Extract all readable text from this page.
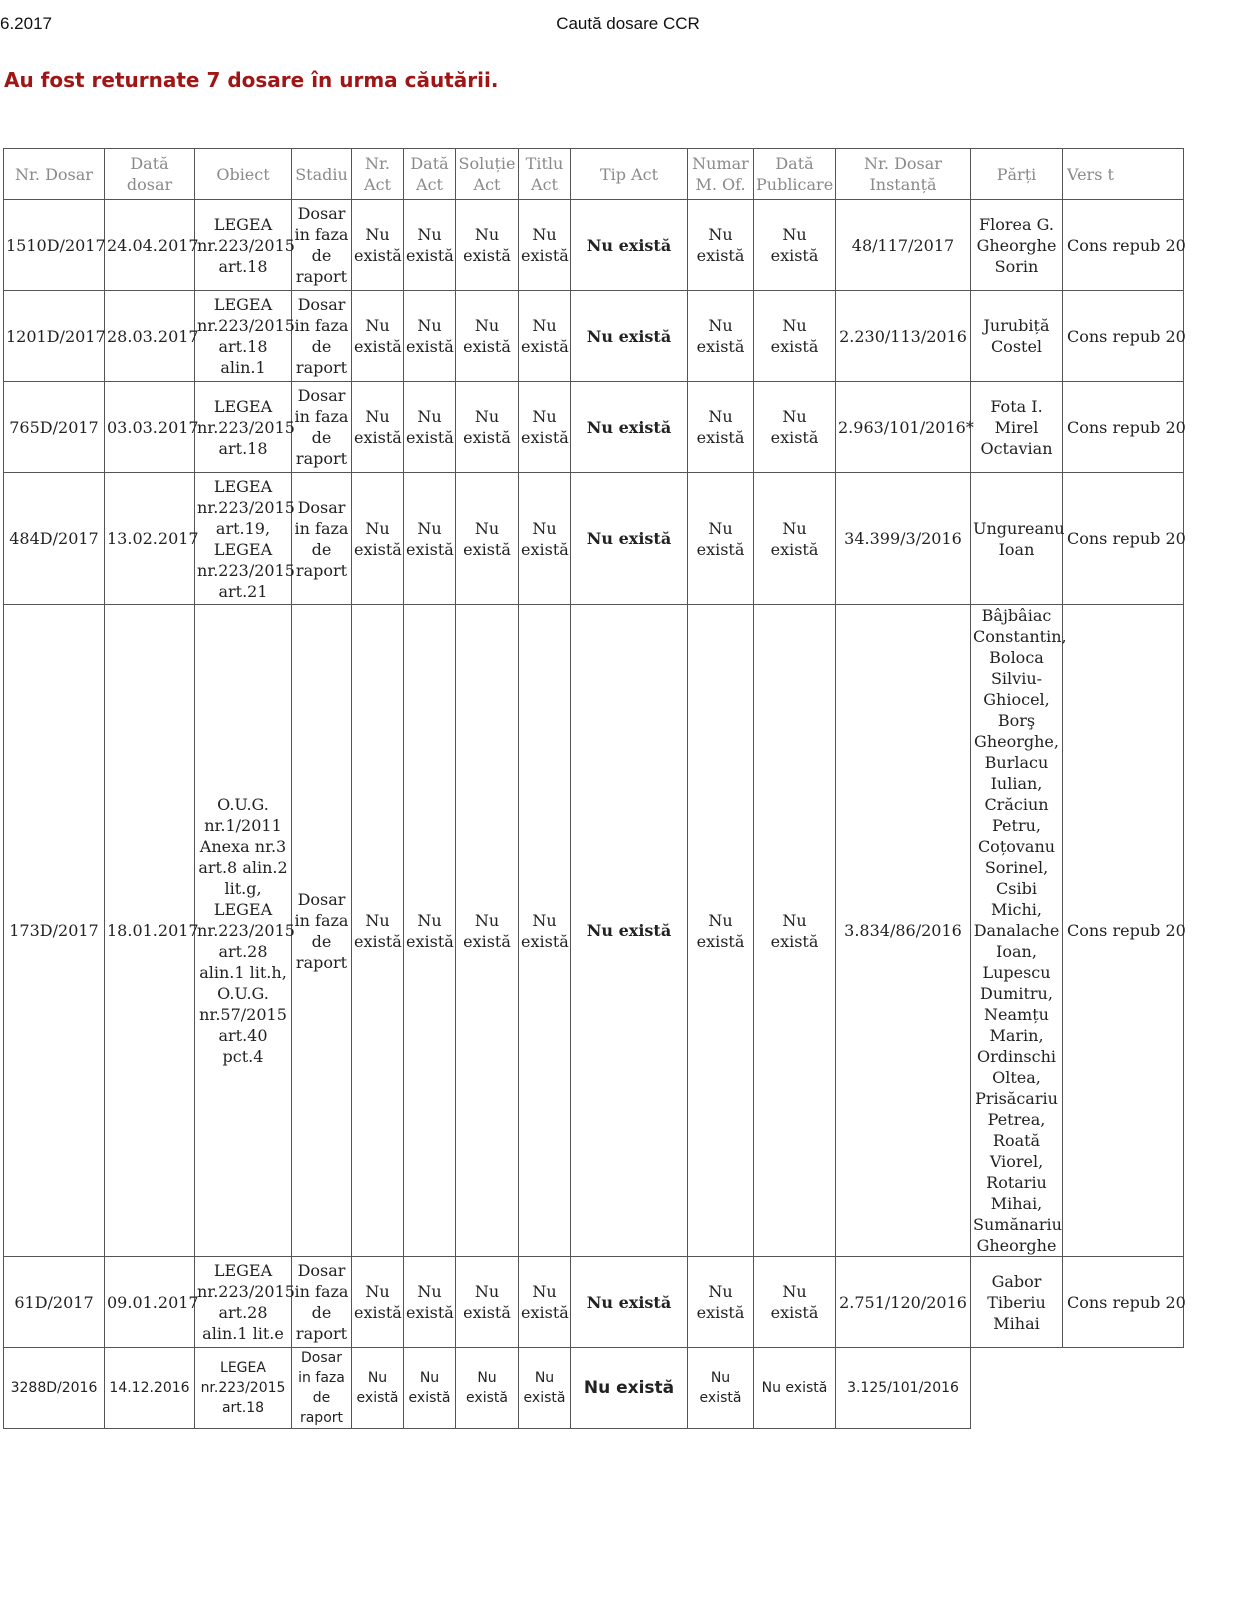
6.2017	Caută dosare CCR
Au fost returnate 7 dosare în urma căutării.
Nr. Dosar	Dată dosar	Obiect	Stadiu	Nr. Act	Dată Act	Soluție Act	Titlu Act	Tip Act	Numar M. Of.	Dată Publicare	Nr. Dosar Instanță	Părți	Vers t
1510D/2017	24.04.2017	LEGEA nr.223/2015 art.18	Dosar in faza de raport	Nu există	Nu există	Nu există	Nu există	Nu există	Nu există	Nu există	48/117/2017	Florea G. Gheorghe Sorin	Cons repub 20
1201D/2017	28.03.2017	LEGEA nr.223/2015 art.18 alin.1	Dosar in faza de raport	Nu există	Nu există	Nu există	Nu există	Nu există	Nu există	Nu există	2.230/113/2016	Jurubiță Costel	Cons repub 20
765D/2017	03.03.2017	LEGEA nr.223/2015 art.18	Dosar in faza de raport	Nu există	Nu există	Nu există	Nu există	Nu există	Nu există	Nu există	2.963/101/2016*	Fota I. Mirel Octavian	Cons repub 20
484D/2017	13.02.2017	LEGEA nr.223/2015 art.19, LEGEA nr.223/2015 art.21	Dosar in faza de raport	Nu există	Nu există	Nu există	Nu există	Nu există	Nu există	Nu există	34.399/3/2016	Ungureanu Ioan	Cons repub 20
173D/2017	18.01.2017	O.U.G. nr.1/2011 Anexa nr.3 art.8 alin.2 lit.g, LEGEA nr.223/2015 art.28 alin.1 lit.h, O.U.G. nr.57/2015 art.40 pct.4	Dosar in faza de raport	Nu există	Nu există	Nu există	Nu există	Nu există	Nu există	Nu există	3.834/86/2016	Bâjbâiac Constantin, Boloca Silviu-Ghiocel, Borş Gheorghe, Burlacu Iulian, Crăciun Petru, Coțovanu Sorinel, Csibi Michi, Danalache Ioan, Lupescu Dumitru, Neamțu Marin, Ordinschi Oltea, Prisăcariu Petrea, Roată Viorel, Rotariu Mihai, Sumănariu Gheorghe	Cons repub 20
61D/2017	09.01.2017	LEGEA nr.223/2015 art.28 alin.1 lit.e	Dosar in faza de raport	Nu există	Nu există	Nu există	Nu există	Nu există	Nu există	Nu există	2.751/120/2016	Gabor Tiberiu Mihai	Cons repub 20
3288D/2016	14.12.2016	LEGEA nr.223/2015 art.18	Dosar in faza de raport	Nu există	Nu există	Nu există	Nu există	Nu există	Nu există	Nu există	3.125/101/2016		
